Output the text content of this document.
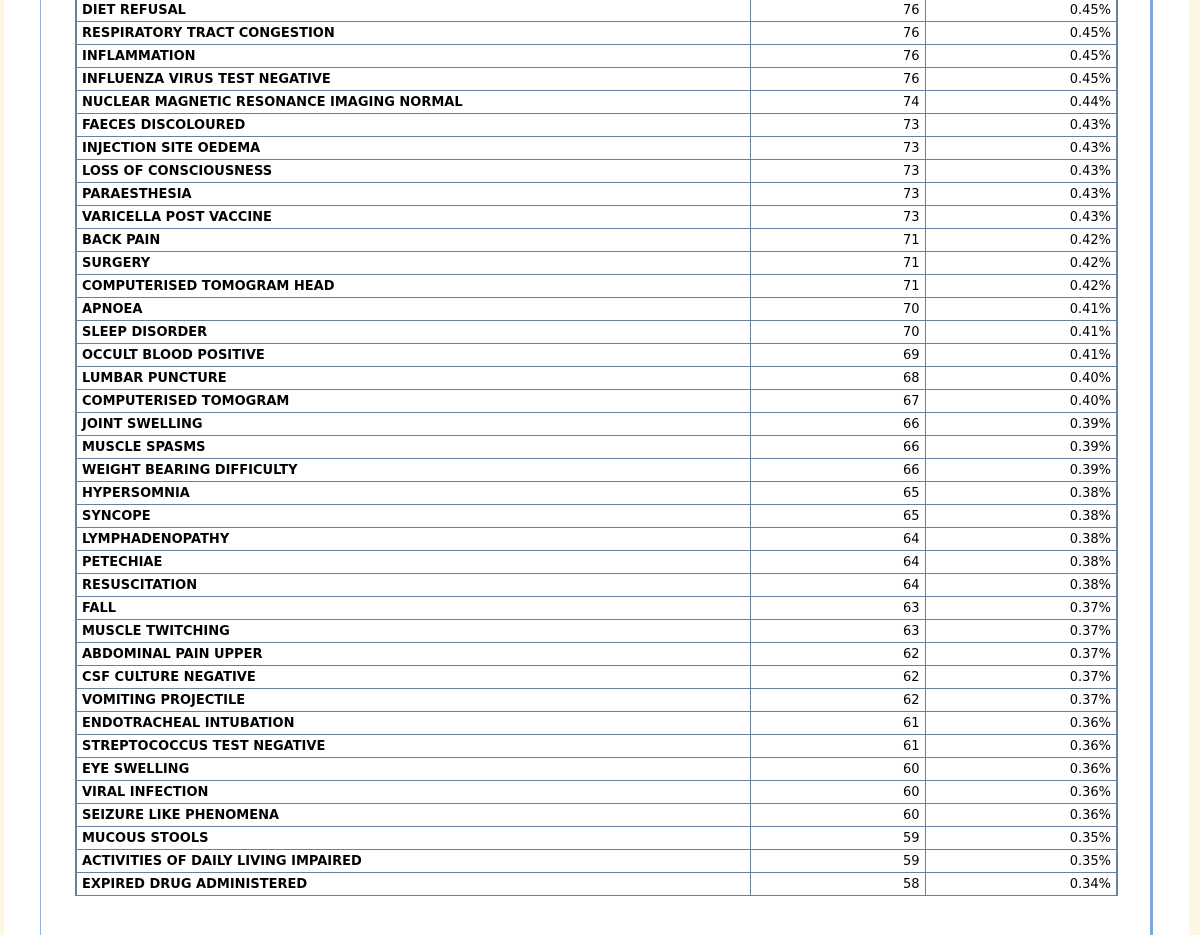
DIET REFUSAL	76	0.45%
RESPIRATORY TRACT CONGESTION	76	0.45%
INFLAMMATION	76	0.45%
INFLUENZA VIRUS TEST NEGATIVE	76	0.45%
NUCLEAR MAGNETIC RESONANCE IMAGING NORMAL	74	0.44%
FAECES DISCOLOURED	73	0.43%
INJECTION SITE OEDEMA	73	0.43%
LOSS OF CONSCIOUSNESS	73	0.43%
PARAESTHESIA	73	0.43%
VARICELLA POST VACCINE	73	0.43%
BACK PAIN	71	0.42%
SURGERY	71	0.42%
COMPUTERISED TOMOGRAM HEAD	71	0.42%
APNOEA	70	0.41%
SLEEP DISORDER	70	0.41%
OCCULT BLOOD POSITIVE	69	0.41%
LUMBAR PUNCTURE	68	0.40%
COMPUTERISED TOMOGRAM	67	0.40%
JOINT SWELLING	66	0.39%
MUSCLE SPASMS	66	0.39%
WEIGHT BEARING DIFFICULTY	66	0.39%
HYPERSOMNIA	65	0.38%
SYNCOPE	65	0.38%
LYMPHADENOPATHY	64	0.38%
PETECHIAE	64	0.38%
RESUSCITATION	64	0.38%
FALL	63	0.37%
MUSCLE TWITCHING	63	0.37%
ABDOMINAL PAIN UPPER	62	0.37%
CSF CULTURE NEGATIVE	62	0.37%
VOMITING PROJECTILE	62	0.37%
ENDOTRACHEAL INTUBATION	61	0.36%
STREPTOCOCCUS TEST NEGATIVE	61	0.36%
EYE SWELLING	60	0.36%
VIRAL INFECTION	60	0.36%
SEIZURE LIKE PHENOMENA	60	0.36%
MUCOUS STOOLS	59	0.35%
ACTIVITIES OF DAILY LIVING IMPAIRED	59	0.35%
EXPIRED DRUG ADMINISTERED	58	0.34%
